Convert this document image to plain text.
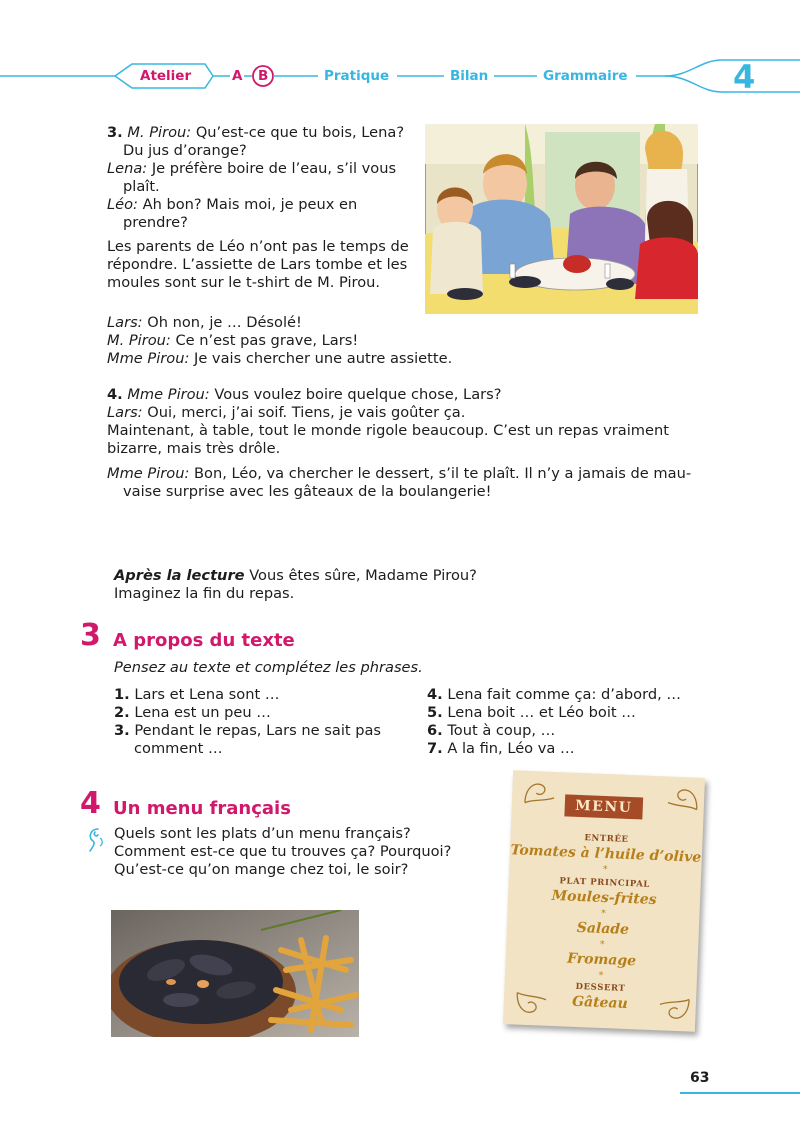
Atelier	A B	Pratique	Bilan	Grammaire	4
3. M. Pirou: Qu’est-ce que tu bois, Lena? Du jus d’orange?
Lena: Je préfère boire de l’eau, s’il vous plaît.
Léo: Ah bon? Mais moi, je peux en prendre?
Les parents de Léo n’ont pas le temps de répondre. L’assiette de Lars tombe et les moules sont sur le t-shirt de M. Pirou.
Lars: Oh non, je … Désolé!
M. Pirou: Ce n’est pas grave, Lars!
Mme Pirou: Je vais chercher une autre assiette.
4. Mme Pirou: Vous voulez boire quelque chose, Lars?
Lars: Oui, merci, j’ai soif. Tiens, je vais goûter ça.
Maintenant, à table, tout le monde rigole beaucoup. C’est un repas vraiment bizarre, mais très drôle.
Mme Pirou: Bon, Léo, va chercher le dessert, s’il te plaît. Il n’y a jamais de mau-vaise surprise avec les gâteaux de la boulangerie!
Après la lecture Vous êtes sûre, Madame Pirou?
Imaginez la fin du repas.
3 A propos du texte
Pensez au texte et complétez les phrases.
1. Lars et Lena sont …
2. Lena est un peu …
3. Pendant le repas, Lars ne sait pas comment …
4. Lena fait comme ça: d’abord, …
5. Lena boit … et Léo boit …
6. Tout à coup, …
7. A la fin, Léo va …
4 Un menu français
Quels sont les plats d’un menu français?
Comment est-ce que tu trouves ça? Pourquoi?
Qu’est-ce qu’on mange chez toi, le soir?
MENU
ENTRÉE
Tomates à l’huile d’olive
*
PLAT PRINCIPAL
Moules-frites
*
Salade
*
Fromage
*
DESSERT
Gâteau
63
